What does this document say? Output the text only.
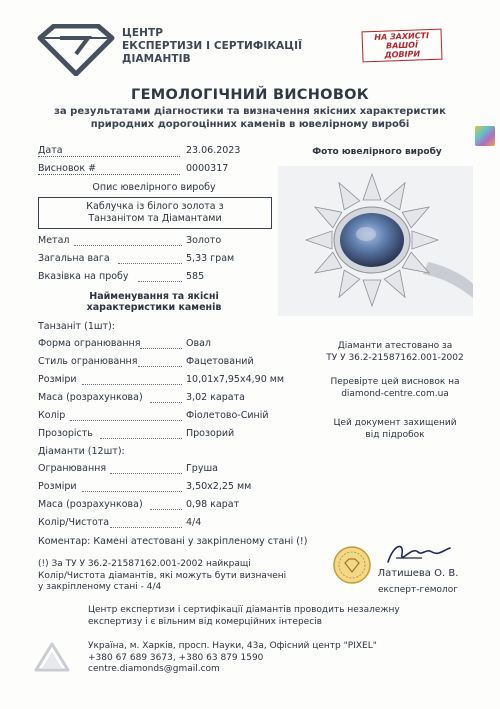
ЦЕНТР
ЕКСПЕРТИЗИ І СЕРТИФІКАЦІЇ
ДІАМАНТІВ
НА ЗАХИСТІ
ВАШОЇ
ДОВІРИ
ГЕМОЛОГІЧНИЙ ВИСНОВОК
за результатами діагностики та визначення якісних характеристик
природних дорогоцінних каменів в ювелірному виробі
Дата	23.06.2023
Висновок #	0000317
Фото ювелірного виробу
Опис ювелірного виробу
Каблучка із білого золота з
Танзанітом та Діамантами
Метал	Золото
Загальна вага	5,33 грам
Вказівка на пробу	585
Найменування та якісні
характеристики каменів
Танзаніт (1шт):
Форма огранювання	Овал
Стиль огранювання	Фацетований
Розміри	10,01x7,95x4,90 мм
Маса (розрахункова)	3,02 карата
Колір	Фіолетово-Синій
Прозорість	Прозорий
Діаманти (12шт):
Огранювання	Груша
Розміри	3,50x2,25 мм
Маса (розрахункова)	0,98 карат
Колір/Чистота	4/4
Діаманти атестовано за
ТУ У 36.2-21587162.001-2002
Перевірте цей висновок на
diamond-centre.com.ua
Цей документ захищений
від підробок
Коментар: Камені атестовані у закріпленому стані (!)
(!) За ТУ У 36.2-21587162.001-2002 найкращі
Колір/Чистота діамантів, які можуть бути визначені
у закріпленому стані - 4/4
Латишева О. В.
експерт-гемолог
Центр експертизи і сертифікації діамантів проводить незалежну
експертизу і є вільним від комерційних інтересів
Україна, м. Харків, просп. Науки, 43а, Офісний центр "PIXEL"
+380 67 689 3673, +380 63 879 1590
centre.diamonds@gmail.com
